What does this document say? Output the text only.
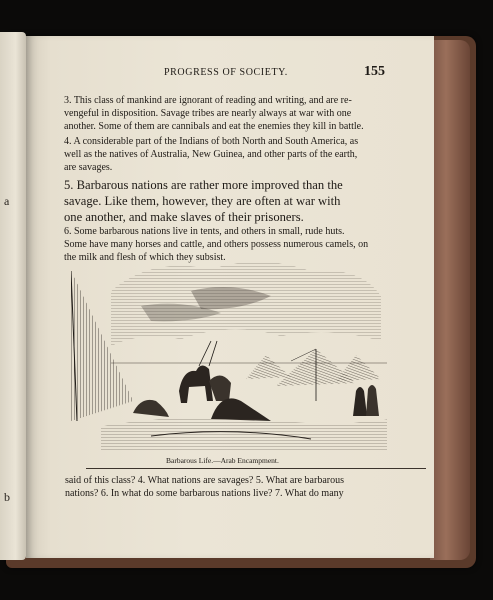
a
b
PROGRESS OF SOCIETY.	155

3. This class of mankind are ignorant of reading and writing, and are re-
vengeful in disposition. Savage tribes are nearly always at war with one
another. Some of them are cannibals and eat the enemies they kill in battle.

4. A considerable part of the Indians of both North and South America, as
well as the natives of Australia, New Guinea, and other parts of the earth,
are savages.

5. Barbarous nations are rather more improved than the
savage. Like them, however, they are often at war with
one another, and make slaves of their prisoners.

6. Some barbarous nations live in tents, and others in small, rude huts.
Some have many horses and cattle, and others possess numerous camels, on
the milk and flesh of which they subsist.

Barbarous Life.—Arab Encampment.
said of this class? 4. What nations are savages? 5. What are barbarous
nations? 6. In what do some barbarous nations live? 7. What do many
